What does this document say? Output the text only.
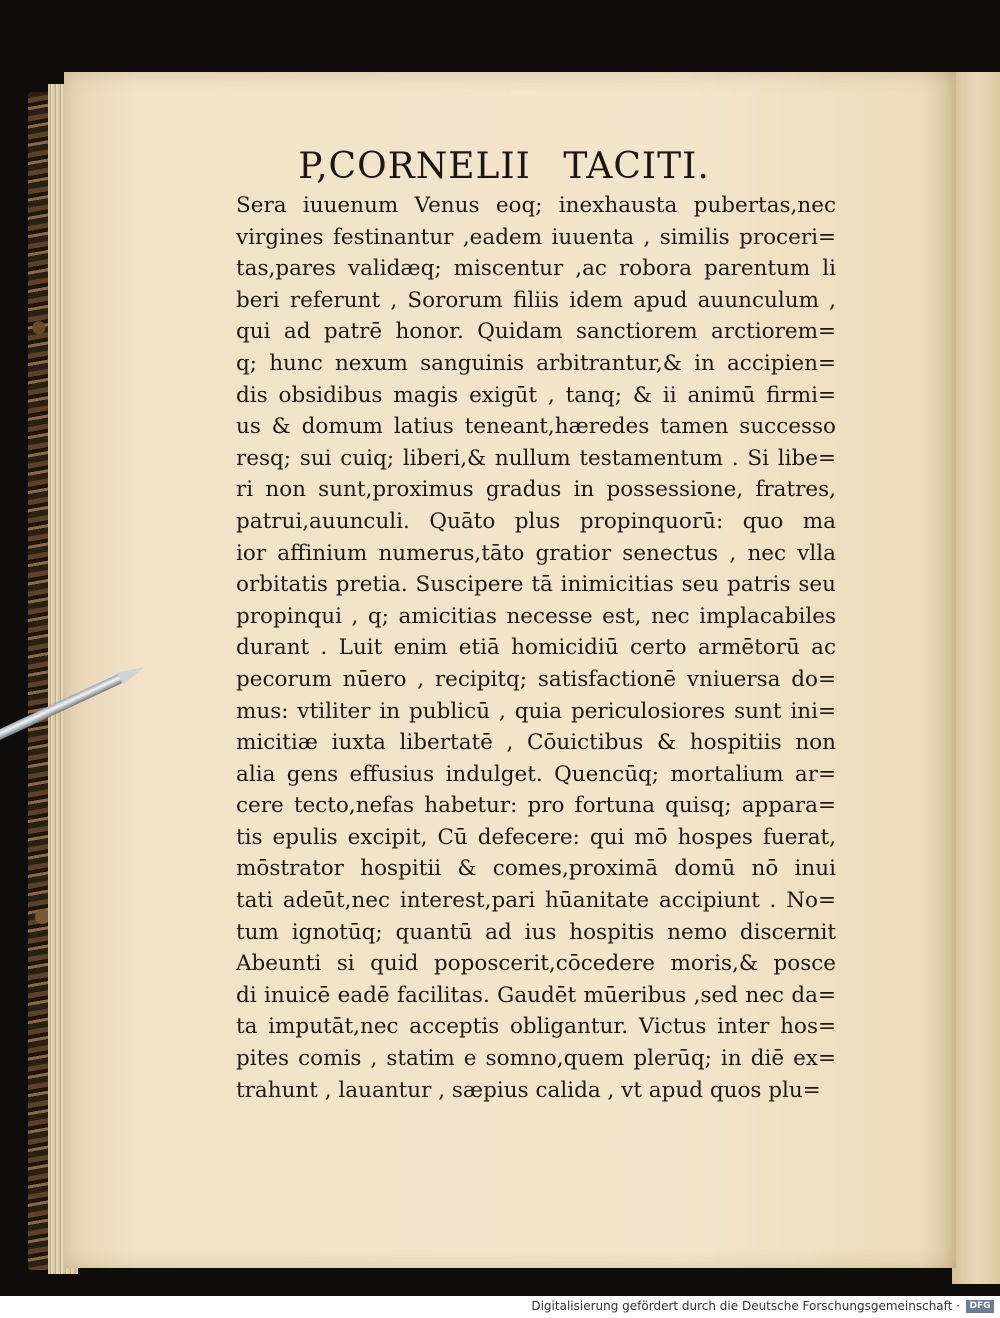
P,CORNELII TACITI.
Sera iuuenum Venus eoq; inexhausta pubertas,nec
virgines festinantur ,eadem iuuenta , similis proceri=
tas,pares validæq; miscentur ,ac robora parentum li
beri referunt , Sororum filiis idem apud auunculum ,
qui ad patrē honor. Quidam sanctiorem arctiorem=
q; hunc nexum sanguinis arbitrantur,& in accipien=
dis obsidibus magis exigūt , tanq; & ii animū firmi=
us & domum latius teneant,hæredes tamen successo
resq; sui cuiq; liberi,& nullum testamentum . Si libe=
ri non sunt,proximus gradus in possessione, fratres,
patrui,auunculi. Quāto plus propinquorū: quo ma
ior affinium numerus,tāto gratior senectus , nec vlla
orbitatis pretia. Suscipere tā inimicitias seu patris seu
propinqui , q; amicitias necesse est, nec implacabiles
durant . Luit enim etiā homicidiū certo armētorū ac
pecorum nūero , recipitq; satisfactionē vniuersa do=
mus: vtiliter in publicū , quia periculosiores sunt ini=
micitiæ iuxta libertatē , Cōuictibus & hospitiis non
alia gens effusius indulget. Quencūq; mortalium ar=
cere tecto,nefas habetur: pro fortuna quisq; appara=
tis epulis excipit, Cū defecere: qui mō hospes fuerat,
mōstrator hospitii & comes,proximā domū nō inui
tati adeūt,nec interest,pari hūanitate accipiunt . No=
tum ignotūq; quantū ad ius hospitis nemo discernit
Abeunti si quid poposcerit,cōcedere moris,& posce
di inuicē eadē facilitas. Gaudēt mūeribus ,sed nec da=
ta imputāt,nec acceptis obligantur. Victus inter hos=
pites comis , statim e somno,quem plerūq; in diē ex=
trahunt , lauantur , sæpius calida , vt apud quos plu=
Digitalisierung gefördert durch die Deutsche Forschungsgemeinschaft ·	DFG
